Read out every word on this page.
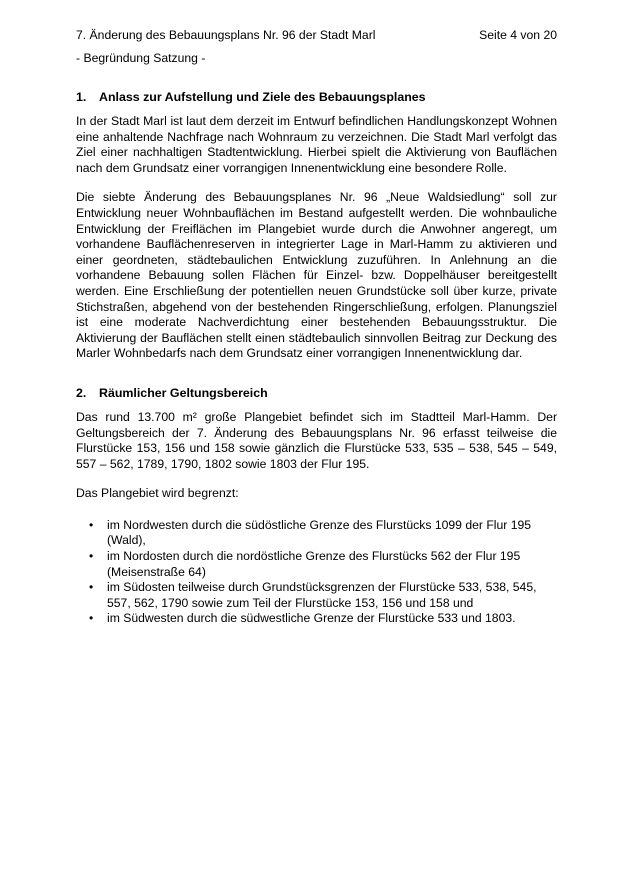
7. Änderung des Bebauungsplans Nr. 96 der Stadt Marl	Seite 4 von 20
- Begründung Satzung -
1.	Anlass zur Aufstellung und Ziele des Bebauungsplanes

In der Stadt Marl ist laut dem derzeit im Entwurf befindlichen Handlungskonzept Wohnen eine anhaltende Nachfrage nach Wohnraum zu verzeichnen. Die Stadt Marl verfolgt das Ziel einer nachhaltigen Stadtentwicklung. Hierbei spielt die Aktivierung von Bauflächen nach dem Grundsatz einer vorrangigen Innenentwicklung eine besondere Rolle.

Die siebte Änderung des Bebauungsplanes Nr. 96 „Neue Waldsiedlung“ soll zur Entwicklung neuer Wohnbauflächen im Bestand aufgestellt werden. Die wohnbauliche Entwicklung der Freiflächen im Plangebiet wurde durch die Anwohner angeregt, um vorhandene Bauflächenreserven in integrierter Lage in Marl-Hamm zu aktivieren und einer geordneten, städtebaulichen Entwicklung zuzuführen. In Anlehnung an die vorhandene Bebauung sollen Flächen für Einzel- bzw. Doppelhäuser bereitgestellt werden. Eine Erschließung der potentiellen neuen Grundstücke soll über kurze, private Stichstraßen, abgehend von der bestehenden Ringerschließung, erfolgen. Planungsziel ist eine moderate Nachverdichtung einer bestehenden Bebauungsstruktur. Die Aktivierung der Bauflächen stellt einen städtebaulich sinnvollen Beitrag zur Deckung des Marler Wohnbedarfs nach dem Grundsatz einer vorrangigen Innenentwicklung dar.

2.	Räumlicher Geltungsbereich

Das rund 13.700 m² große Plangebiet befindet sich im Stadtteil Marl-Hamm. Der Geltungsbereich der 7. Änderung des Bebauungsplans Nr. 96 erfasst teilweise die Flurstücke 153, 156 und 158 sowie gänzlich die Flurstücke 533, 535 – 538, 545 – 549, 557 – 562, 1789, 1790, 1802 sowie 1803 der Flur 195.

Das Plangebiet wird begrenzt:

• im Nordwesten durch die südöstliche Grenze des Flurstücks 1099 der Flur 195 (Wald),
• im Nordosten durch die nordöstliche Grenze des Flurstücks 562 der Flur 195 (Meisenstraße 64)
• im Südosten teilweise durch Grundstücksgrenzen der Flurstücke 533, 538, 545, 557, 562, 1790 sowie zum Teil der Flurstücke 153, 156 und 158 und
• im Südwesten durch die südwestliche Grenze der Flurstücke 533 und 1803.
